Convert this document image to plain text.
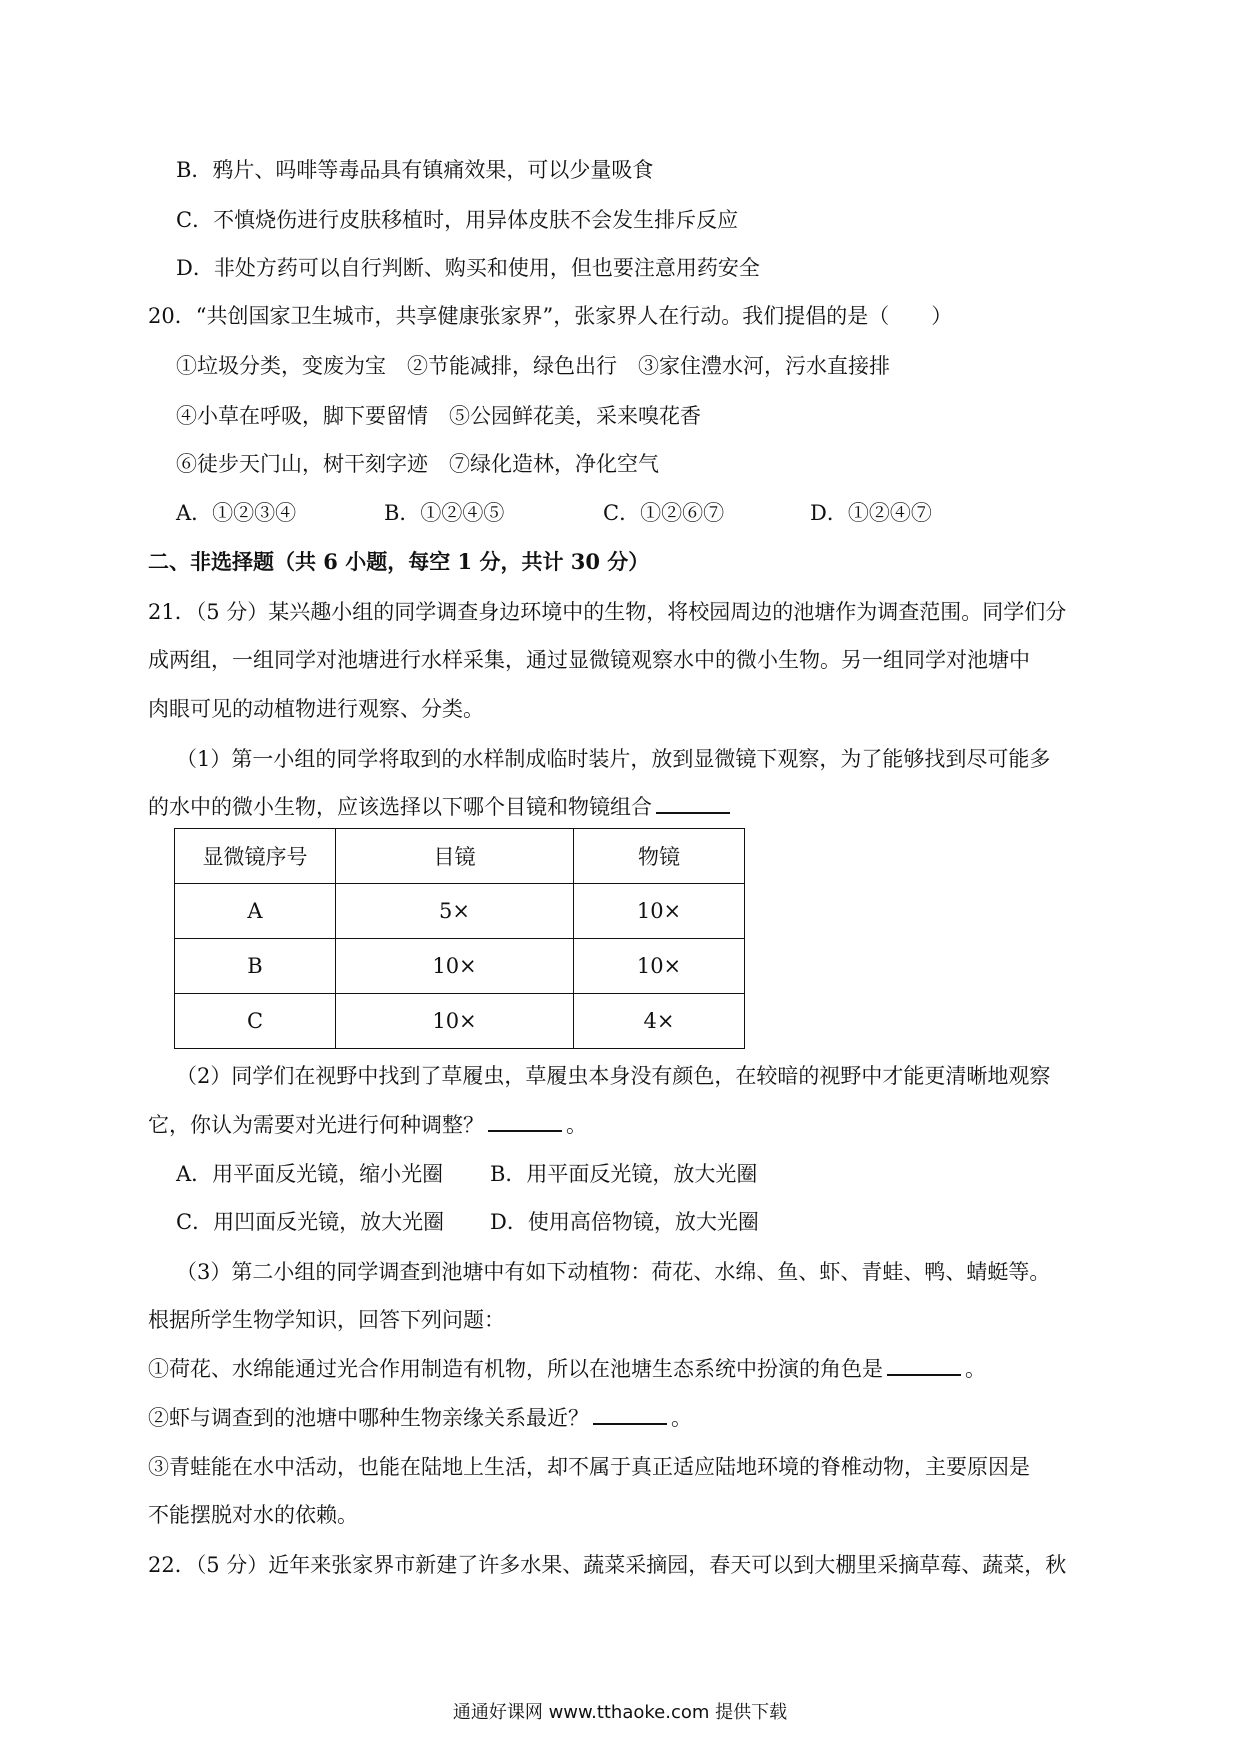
B．鸦片、吗啡等毒品具有镇痛效果，可以少量吸食
C．不慎烧伤进行皮肤移植时，用异体皮肤不会发生排斥反应
D．非处方药可以自行判断、购买和使用，但也要注意用药安全
20．“共创国家卫生城市，共享健康张家界”，张家界人在行动。我们提倡的是（　　）
①垃圾分类，变废为宝　②节能减排，绿色出行　③家住澧水河，污水直接排
④小草在呼吸，脚下要留情　⑤公园鲜花美，采来嗅花香
⑥徒步天门山，树干刻字迹　⑦绿化造林，净化空气
A．①②③④	B．①②④⑤	C．①②⑥⑦	D．①②④⑦
二、非选择题（共 6 小题，每空 1 分，共计 30 分）
21．（5 分）某兴趣小组的同学调查身边环境中的生物，将校园周边的池塘作为调查范围。同学们分
成两组，一组同学对池塘进行水样采集，通过显微镜观察水中的微小生物。另一组同学对池塘中
肉眼可见的动植物进行观察、分类。
（1）第一小组的同学将取到的水样制成临时装片，放到显微镜下观察，为了能够找到尽可能多
的水中的微小生物，应该选择以下哪个目镜和物镜组合
显微镜序号	目镜	物镜
A	5×	10×
B	10×	10×
C	10×	4×
（2）同学们在视野中找到了草履虫，草履虫本身没有颜色，在较暗的视野中才能更清晰地观察
它，你认为需要对光进行何种调整？	。
A．用平面反光镜，缩小光圈 B．用平面反光镜，放大光圈
C．用凹面反光镜，放大光圈 D．使用高倍物镜，放大光圈
（3）第二小组的同学调查到池塘中有如下动植物：荷花、水绵、鱼、虾、青蛙、鸭、蜻蜓等。
根据所学生物学知识，回答下列问题：
①荷花、水绵能通过光合作用制造有机物，所以在池塘生态系统中扮演的角色是	。
②虾与调查到的池塘中哪种生物亲缘关系最近？	。
③青蛙能在水中活动，也能在陆地上生活，却不属于真正适应陆地环境的脊椎动物，主要原因是
不能摆脱对水的依赖。
22．（5 分）近年来张家界市新建了许多水果、蔬菜采摘园，春天可以到大棚里采摘草莓、蔬菜，秋
通通好课网 www.tthaoke.com 提供下载
